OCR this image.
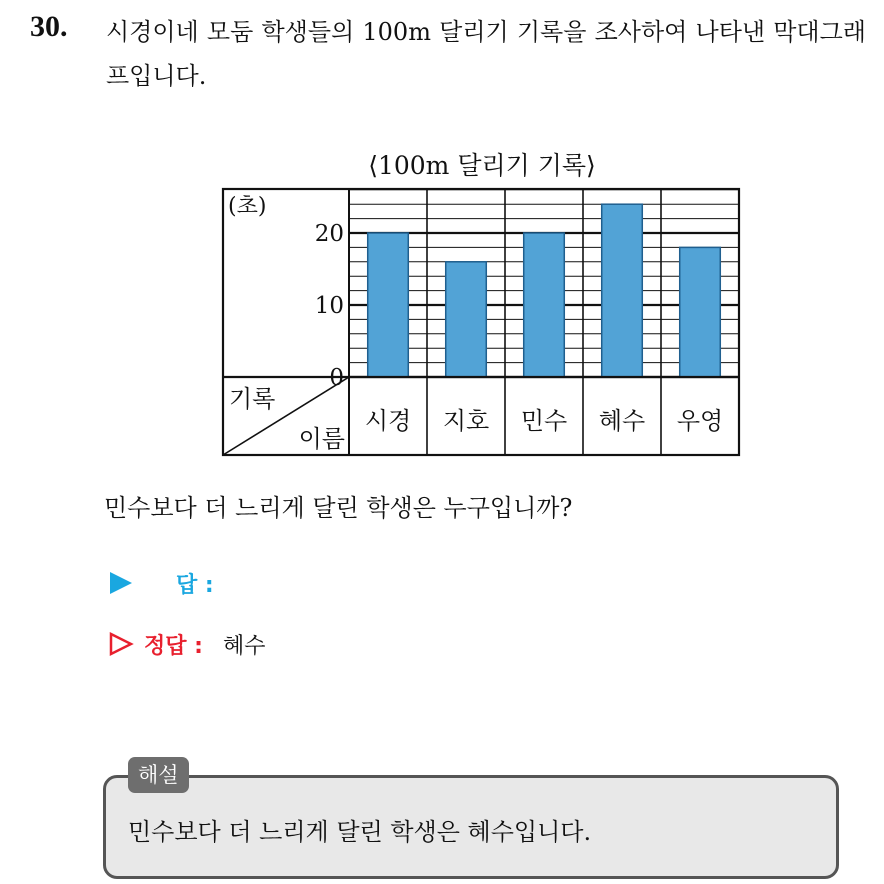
30. 시경이네 모둠 학생들의 100m 달리기 기록을 조사하여 나타낸 막대그래프입니다.
⟨100m 달리기 기록⟩
(초)
0
10
20
기록
이름
시경 지호 민수 혜수 우영
민수보다 더 느리게 달린 학생은 누구입니까?
답 :
정답 : 혜수
해설
민수보다 더 느리게 달린 학생은 혜수입니다.
